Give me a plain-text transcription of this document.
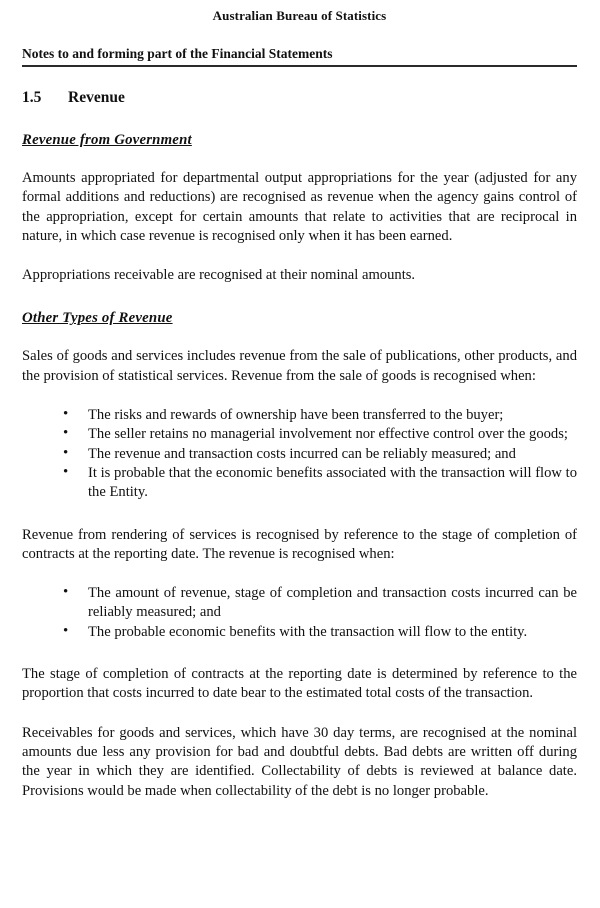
Australian Bureau of Statistics
Notes to and forming part of the Financial Statements
1.5 Revenue
Revenue from Government

Amounts appropriated for departmental output appropriations for the year (adjusted for any formal additions and reductions) are recognised as revenue when the agency gains control of the appropriation, except for certain amounts that relate to activities that are reciprocal in nature, in which case revenue is recognised only when it has been earned.

Appropriations receivable are recognised at their nominal amounts.

Other Types of Revenue

Sales of goods and services includes revenue from the sale of publications, other products, and the provision of statistical services. Revenue from the sale of goods is recognised when:

• The risks and rewards of ownership have been transferred to the buyer;
• The seller retains no managerial involvement nor effective control over the goods;
• The revenue and transaction costs incurred can be reliably measured; and
• It is probable that the economic benefits associated with the transaction will flow to the Entity.

Revenue from rendering of services is recognised by reference to the stage of completion of contracts at the reporting date. The revenue is recognised when:

• The amount of revenue, stage of completion and transaction costs incurred can be reliably measured; and
• The probable economic benefits with the transaction will flow to the entity.

The stage of completion of contracts at the reporting date is determined by reference to the proportion that costs incurred to date bear to the estimated total costs of the transaction.

Receivables for goods and services, which have 30 day terms, are recognised at the nominal amounts due less any provision for bad and doubtful debts. Bad debts are written off during the year in which they are identified. Collectability of debts is reviewed at balance date. Provisions would be made when collectability of the debt is no longer probable.
